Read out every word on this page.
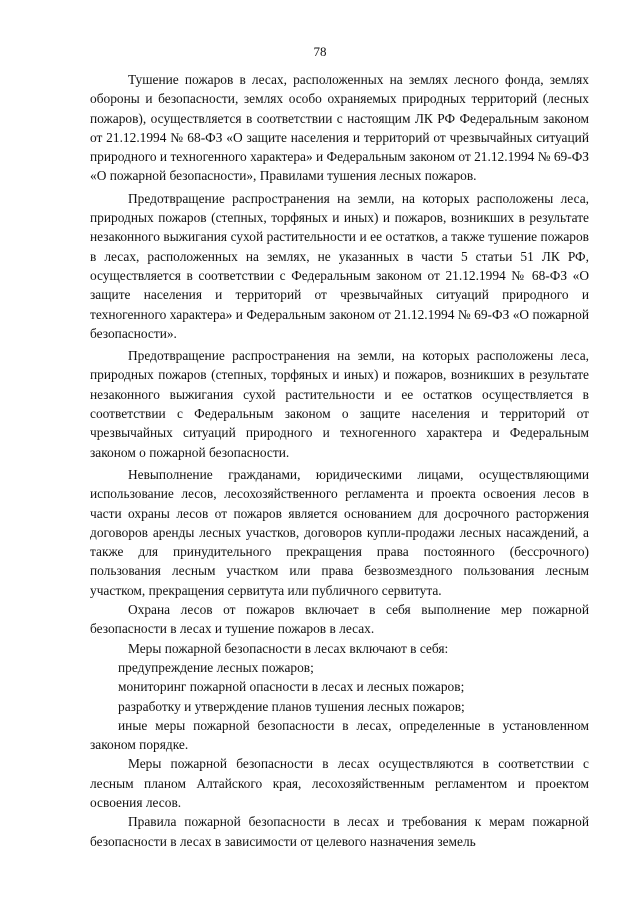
78

Тушение пожаров в лесах, расположенных на землях лесного фонда, землях обороны и безопасности, землях особо охраняемых природных территорий (лесных пожаров), осуществляется в соответствии с настоящим ЛК РФ Федеральным законом от 21.12.1994 № 68-ФЗ «О защите населения и территорий от чрезвычайных ситуаций природного и техногенного характера» и Федеральным законом от 21.12.1994 № 69-ФЗ «О пожарной безопасности», Правилами тушения лесных пожаров.

Предотвращение распространения на земли, на которых расположены леса, природных пожаров (степных, торфяных и иных) и пожаров, возникших в результате незаконного выжигания сухой растительности и ее остатков, а также тушение пожаров в лесах, расположенных на землях, не указанных в части 5 статьи 51 ЛК РФ, осуществляется в соответствии с Федеральным законом от 21.12.1994 № 68-ФЗ «О защите населения и территорий от чрезвычайных ситуаций природного и техногенного характера» и Федеральным законом от 21.12.1994 № 69-ФЗ «О пожарной безопасности».

Предотвращение распространения на земли, на которых расположены леса, природных пожаров (степных, торфяных и иных) и пожаров, возникших в результате незаконного выжигания сухой растительности и ее остатков осуществляется в соответствии с Федеральным законом о защите населения и территорий от чрезвычайных ситуаций природного и техногенного характера и Федеральным законом о пожарной безопасности.

Невыполнение гражданами, юридическими лицами, осуществляющими использование лесов, лесохозяйственного регламента и проекта освоения лесов в части охраны лесов от пожаров является основанием для досрочного расторжения договоров аренды лесных участков, договоров купли-продажи лесных насаждений, а также для принудительного прекращения права постоянного (бессрочного) пользования лесным участком или права безвозмездного пользования лесным участком, прекращения сервитута или публичного сервитута.

Охрана лесов от пожаров включает в себя выполнение мер пожарной безопасности в лесах и тушение пожаров в лесах.

Меры пожарной безопасности в лесах включают в себя:

предупреждение лесных пожаров;

мониторинг пожарной опасности в лесах и лесных пожаров;

разработку и утверждение планов тушения лесных пожаров;

иные меры пожарной безопасности в лесах, определенные в установленном законом порядке.

Меры пожарной безопасности в лесах осуществляются в соответствии с лесным планом Алтайского края, лесохозяйственным регламентом и проектом освоения лесов.

Правила пожарной безопасности в лесах и требования к мерам пожарной безопасности в лесах в зависимости от целевого назначения земель
